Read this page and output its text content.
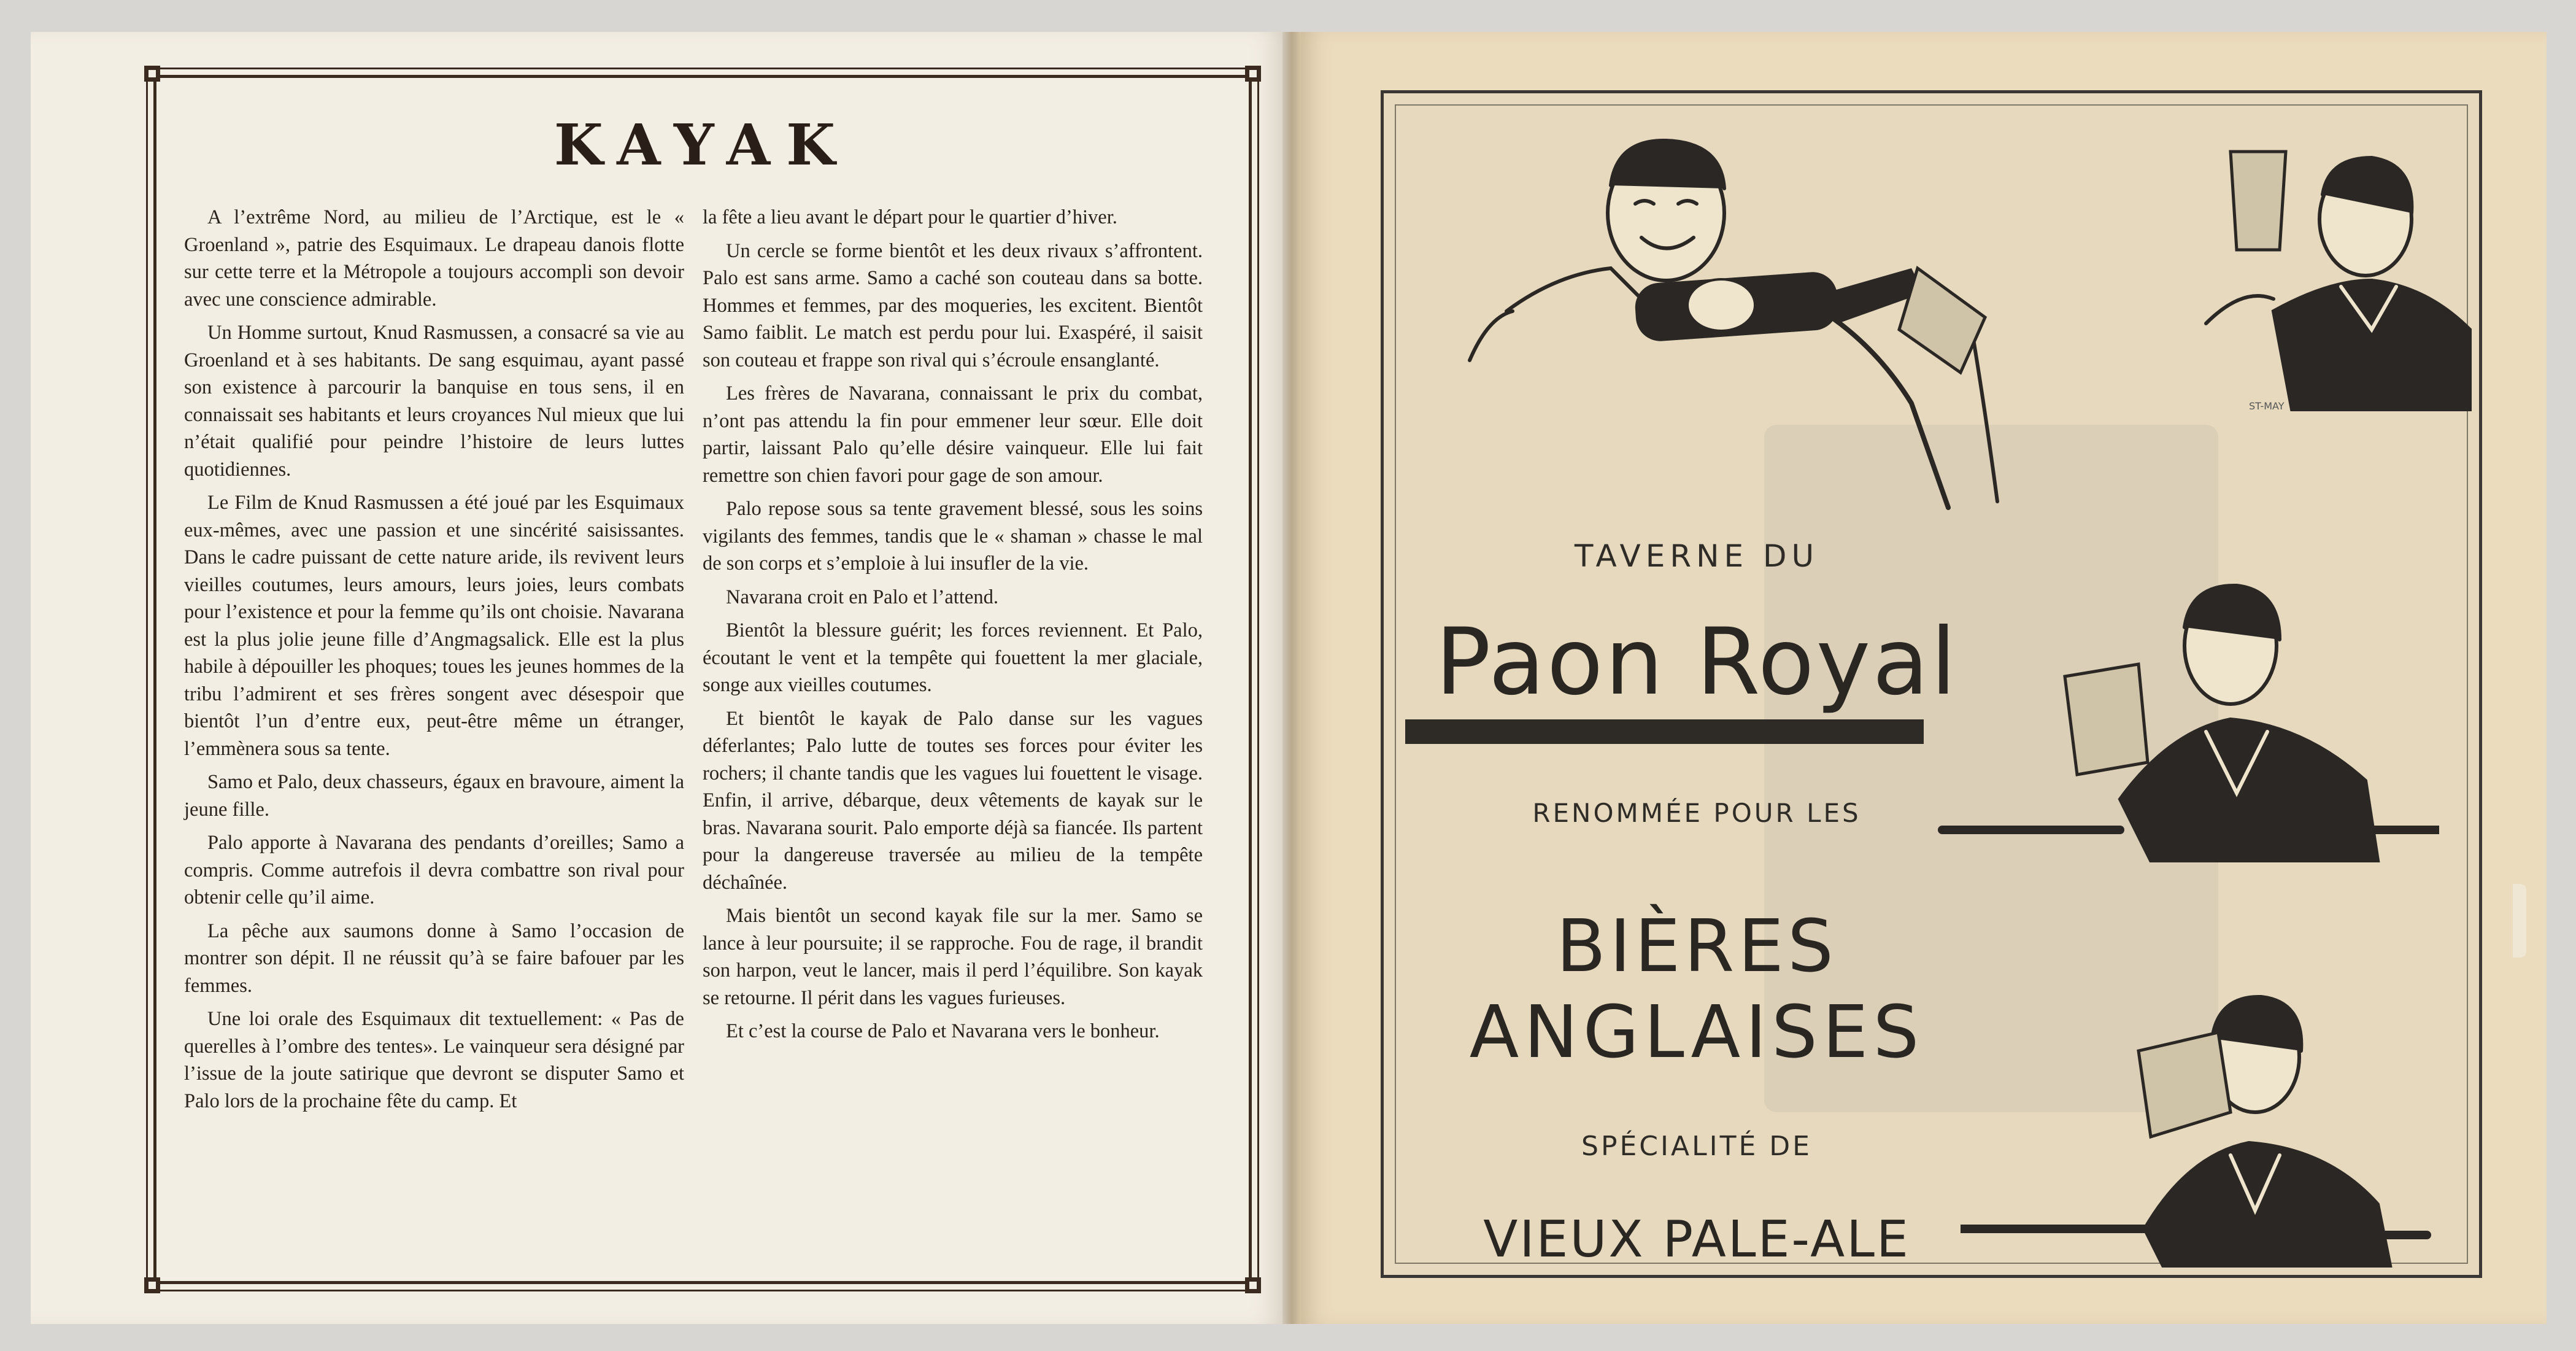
KAYAK

A l’extrême Nord, au milieu de l’Arctique, est le « Groenland », patrie des Esquimaux. Le drapeau danois flotte sur cette terre et la Métropole a toujours accompli son devoir avec une conscience admirable.

Un Homme surtout, Knud Rasmussen, a consacré sa vie au Groenland et à ses habitants. De sang esquimau, ayant passé son existence à parcourir la banquise en tous sens, il en connaissait ses habitants et leurs croyances Nul mieux que lui n’était qualifié pour peindre l’histoire de leurs luttes quotidiennes.

Le Film de Knud Rasmussen a été joué par les Esquimaux eux-mêmes, avec une passion et une sincérité saisissantes. Dans le cadre puissant de cette nature aride, ils revivent leurs vieilles coutumes, leurs amours, leurs joies, leurs combats pour l’existence et pour la femme qu’ils ont choisie. Navarana est la plus jolie jeune fille d’Angmagsalick. Elle est la plus habile à dépouiller les phoques; toues les jeunes hommes de la tribu l’admirent et ses frères songent avec désespoir que bientôt l’un d’entre eux, peut-être même un étranger, l’emmènera sous sa tente.

Samo et Palo, deux chasseurs, égaux en bravoure, aiment la jeune fille.

Palo apporte à Navarana des pendants d’oreilles; Samo a compris. Comme autrefois il devra combattre son rival pour obtenir celle qu’il aime.

La pêche aux saumons donne à Samo l’occasion de montrer son dépit. Il ne réussit qu’à se faire bafouer par les femmes.

Une loi orale des Esquimaux dit textuellement: « Pas de querelles à l’ombre des tentes». Le vainqueur sera désigné par l’issue de la joute satirique que devront se disputer Samo et Palo lors de la prochaine fête du camp. Et

la fête a lieu avant le départ pour le quartier d’hiver.

Un cercle se forme bientôt et les deux rivaux s’affrontent. Palo est sans arme. Samo a caché son couteau dans sa botte. Hommes et femmes, par des moqueries, les excitent. Bientôt Samo faiblit. Le match est perdu pour lui. Exaspéré, il saisit son couteau et frappe son rival qui s’écroule ensanglanté.

Les frères de Navarana, connaissant le prix du combat, n’ont pas attendu la fin pour emmener leur sœur. Elle doit partir, laissant Palo qu’elle désire vainqueur. Elle lui fait remettre son chien favori pour gage de son amour.

Palo repose sous sa tente gravement blessé, sous les soins vigilants des femmes, tandis que le « shaman » chasse le mal de son corps et s’emploie à lui insufler de la vie.

Navarana croit en Palo et l’attend.

Bientôt la blessure guérit; les forces reviennent. Et Palo, écoutant le vent et la tempête qui fouettent la mer glaciale, songe aux vieilles coutumes.

Et bientôt le kayak de Palo danse sur les vagues déferlantes; Palo lutte de toutes ses forces pour éviter les rochers; il chante tandis que les vagues lui fouettent le visage. Enfin, il arrive, débarque, deux vêtements de kayak sur le bras. Navarana sourit. Palo emporte déjà sa fiancée. Ils partent pour la dangereuse traversée au milieu de la tempête déchaînée.

Mais bientôt un second kayak file sur la mer. Samo se lance à leur poursuite; il se rapproche. Fou de rage, il brandit son harpon, veut le lancer, mais il perd l’équilibre. Son kayak se retourne. Il périt dans les vagues furieuses.

Et c’est la course de Palo et Navarana vers le bonheur.

TAVERNE DU
Paon Royal
RENOMMÉE POUR LES
BIÈRES
ANGLAISES
SPÉCIALITÉ DE
VIEUX PALE-ALE
ST-MAY
